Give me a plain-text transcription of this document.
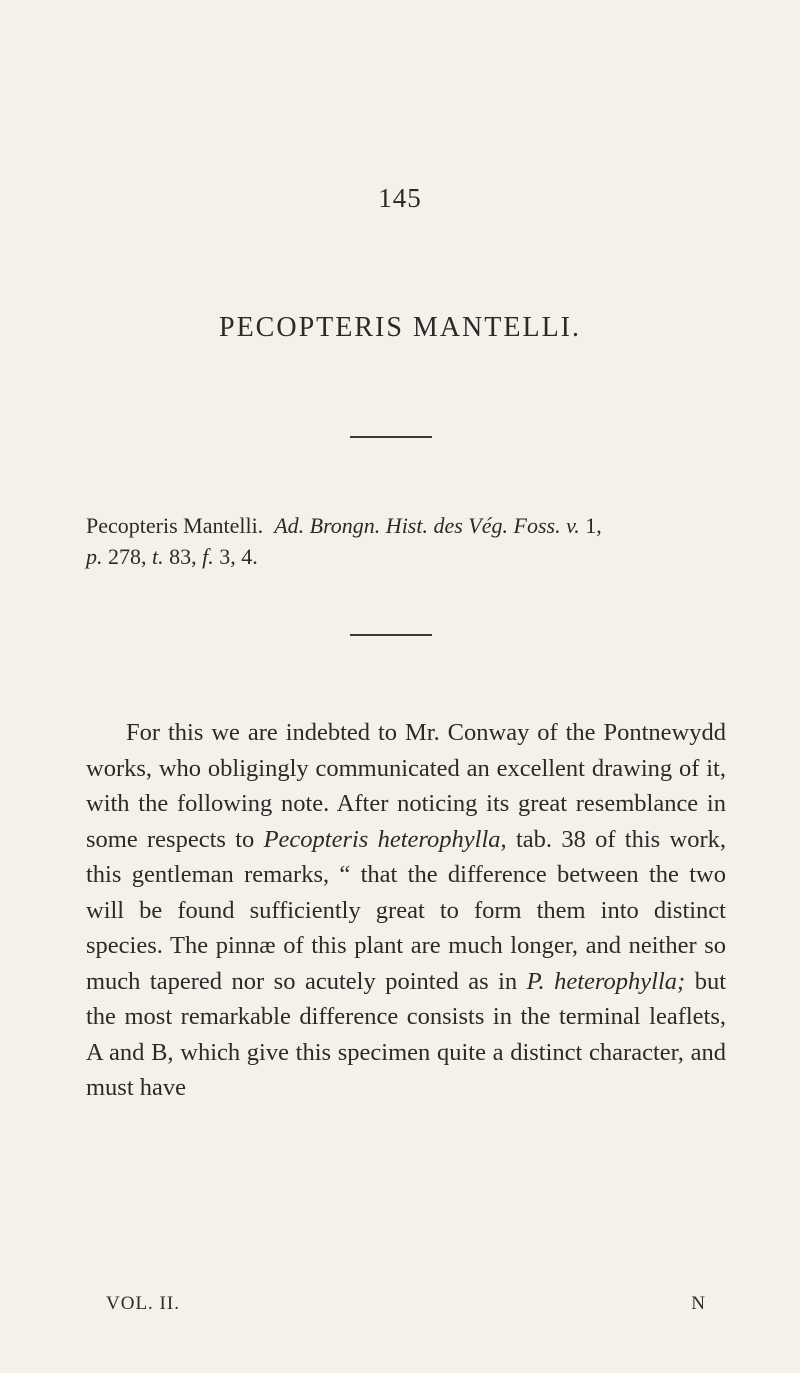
145
PECOPTERIS MANTELLI.
Pecopteris Mantelli. Ad. Brongn. Hist. des Vég. Foss. v. 1,
p. 278, t. 83, f. 3, 4.

For this we are indebted to Mr. Conway of the Pontnewydd works, who obligingly communicated an excellent drawing of it, with the following note. After noticing its great resemblance in some respects to Pecopteris heterophylla, tab. 38 of this work, this gentleman remarks, “ that the difference between the two will be found sufficiently great to form them into distinct species. The pinnæ of this plant are much longer, and neither so much tapered nor so acutely pointed as in P. heterophylla; but the most remarkable difference consists in the terminal leaflets, A and B, which give this specimen quite a distinct character, and must have

VOL. II.	N
